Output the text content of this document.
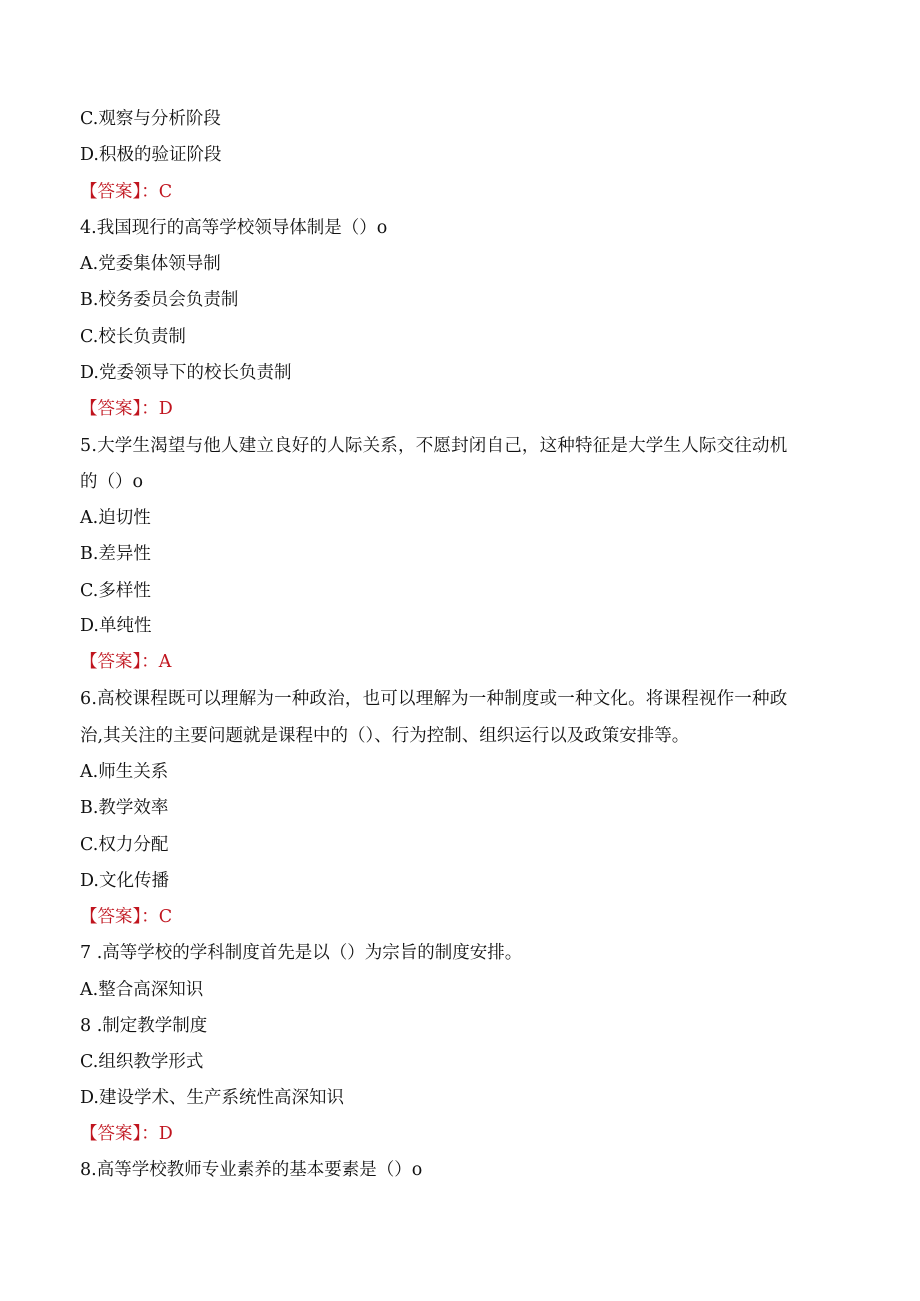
C.观察与分析阶段
D.积极的验证阶段
【答案】：C
4.我国现行的高等学校领导体制是（）o
A.党委集体领导制
B.校务委员会负责制
C.校长负责制
D.党委领导下的校长负责制
【答案】：D
5.大学生渴望与他人建立良好的人际关系，不愿封闭自己，这种特征是大学生人际交往动机
的（）o
A.迫切性
B.差异性
C.多样性
D.单纯性
【答案】：A
6.高校课程既可以理解为一种政治，也可以理解为一种制度或一种文化。将课程视作一种政
治,其关注的主要问题就是课程中的（）、行为控制、组织运行以及政策安排等。
A.师生关系
B.教学效率
C.权力分配
D.文化传播
【答案】：C
7 .高等学校的学科制度首先是以（）为宗旨的制度安排。
A.整合高深知识
8 .制定教学制度
C.组织教学形式
D.建设学术、生产系统性高深知识
【答案】：D
8.高等学校教师专业素养的基本要素是（）o
